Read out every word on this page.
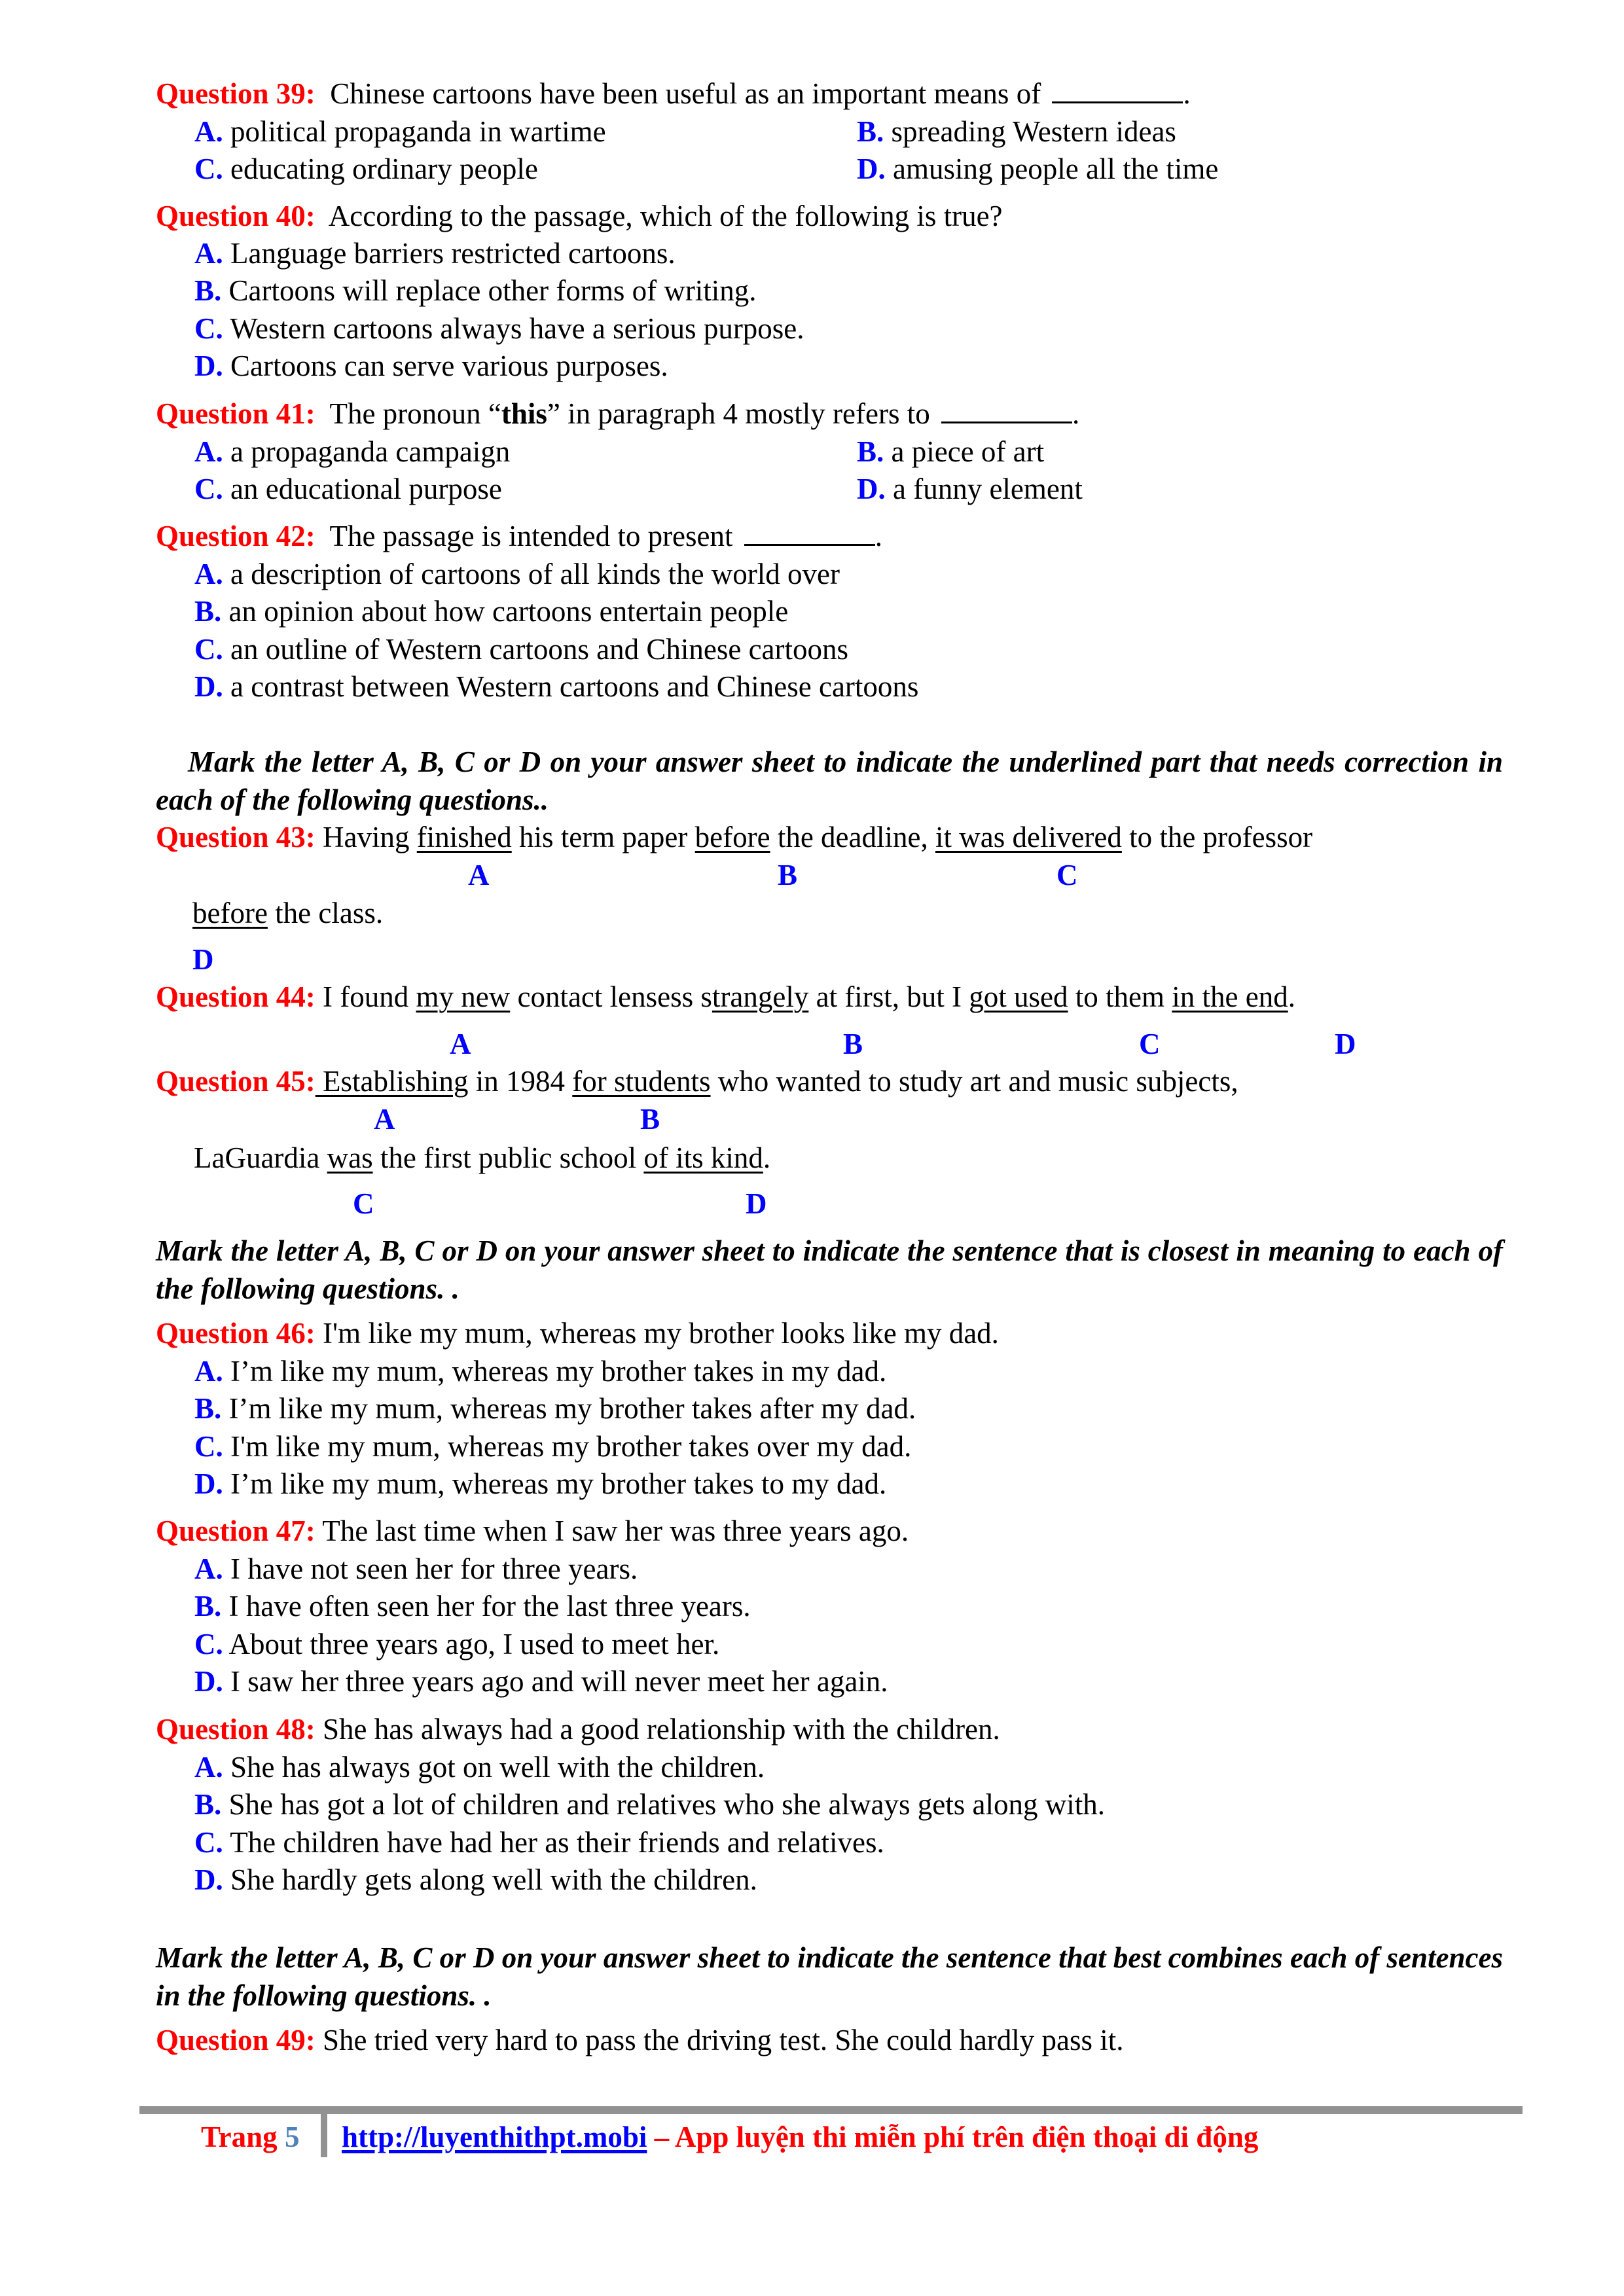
Question 39: Chinese cartoons have been useful as an important means of	.
A. political propaganda in wartime	B. spreading Western ideas
C. educating ordinary people	D. amusing people all the time
Question 40: According to the passage, which of the following is true?
A. Language barriers restricted cartoons.
B. Cartoons will replace other forms of writing.
C. Western cartoons always have a serious purpose.
D. Cartoons can serve various purposes.
Question 41: The pronoun “this” in paragraph 4 mostly refers to	.
A. a propaganda campaign	B. a piece of art
C. an educational purpose	D. a funny element
Question 42: The passage is intended to present	.
A. a description of cartoons of all kinds the world over
B. an opinion about how cartoons entertain people
C. an outline of Western cartoons and Chinese cartoons
D. a contrast between Western cartoons and Chinese cartoons
Mark the letter A, B, C or D on your answer sheet to indicate the underlined part that needs correction in each of the following questions..
Question 43: Having finished his term paper before the deadline, it was delivered to the professor
A	B	C
before the class.
D
Question 44: I found my new contact lensess strangely at first, but I got used to them in the end.
A	B	C	D
Question 45: Establishing in 1984 for students who wanted to study art and music subjects,
A	B
LaGuardia was the first public school of its kind.
C	D
Mark the letter A, B, C or D on your answer sheet to indicate the sentence that is closest in meaning to each of the following questions. .
Question 46: I'm like my mum, whereas my brother looks like my dad.
A. I’m like my mum, whereas my brother takes in my dad.
B. I’m like my mum, whereas my brother takes after my dad.
C. I'm like my mum, whereas my brother takes over my dad.
D. I’m like my mum, whereas my brother takes to my dad.
Question 47: The last time when I saw her was three years ago.
A. I have not seen her for three years.
B. I have often seen her for the last three years.
C. About three years ago, I used to meet her.
D. I saw her three years ago and will never meet her again.
Question 48: She has always had a good relationship with the children.
A. She has always got on well with the children.
B. She has got a lot of children and relatives who she always gets along with.
C. The children have had her as their friends and relatives.
D. She hardly gets along well with the children.
Mark the letter A, B, C or D on your answer sheet to indicate the sentence that best combines each of sentences in the following questions. .
Question 49: She tried very hard to pass the driving test. She could hardly pass it.
Trang 5 http://luyenthithpt.mobi – App luyện thi miễn phí trên điện thoại di động
